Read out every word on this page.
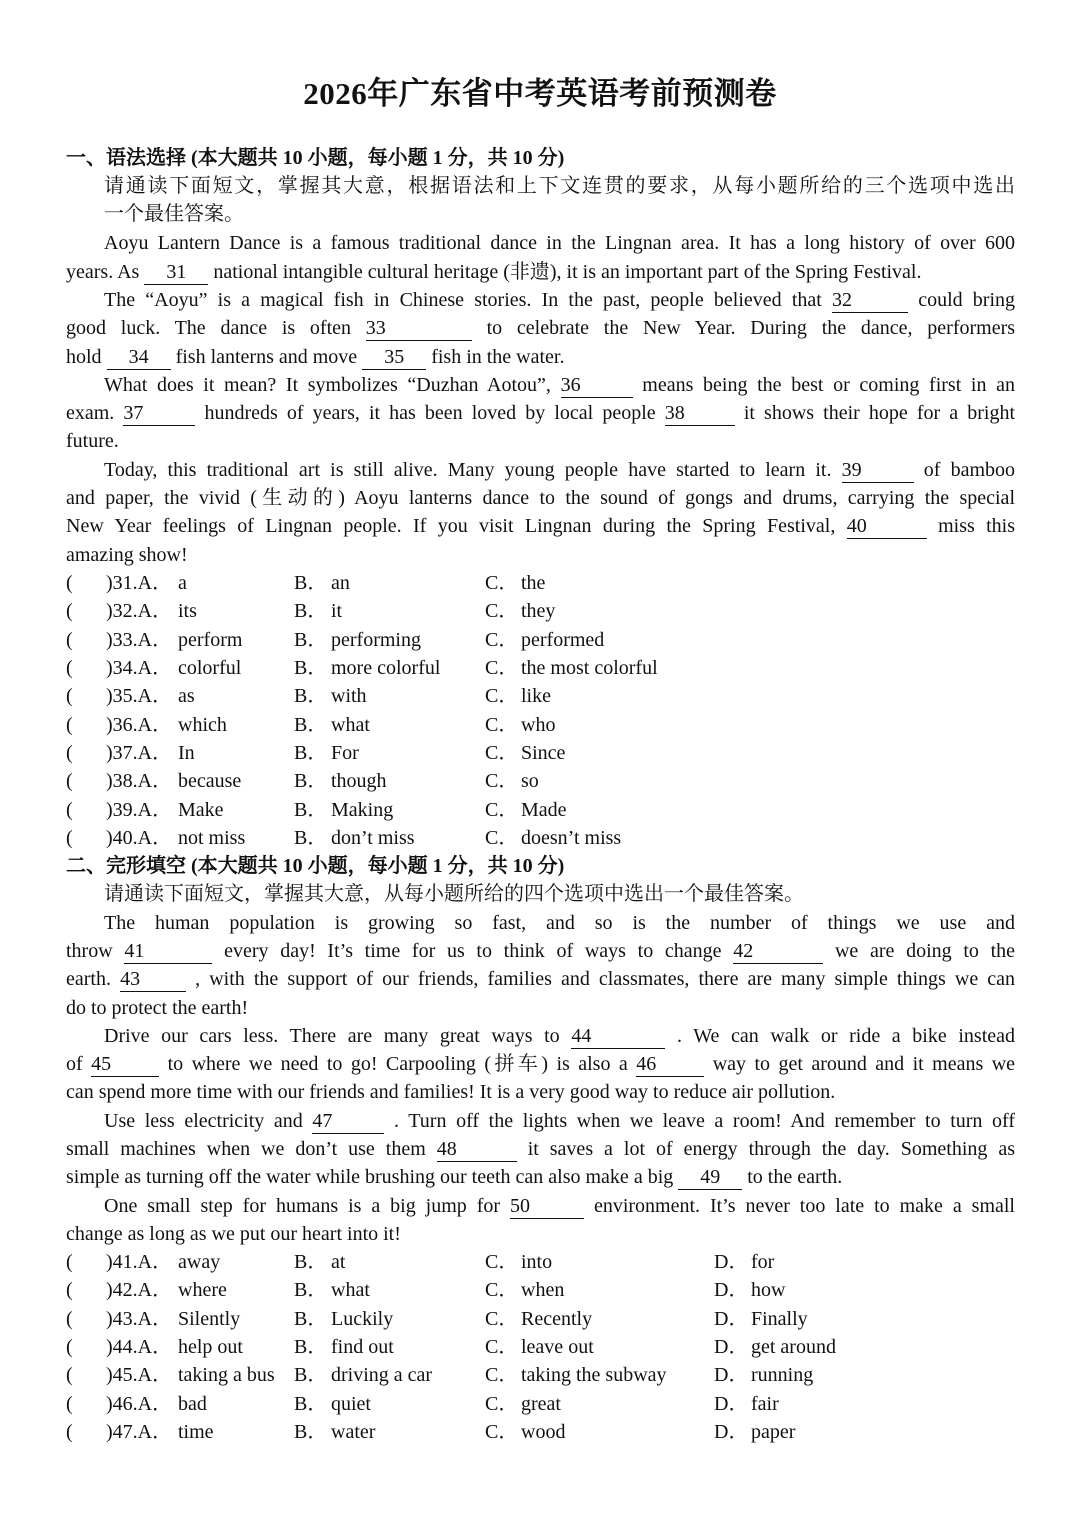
2026年广东省中考英语考前预测卷
一、语法选择 (本大题共 10 小题，每小题 1 分，共 10 分)
请通读下面短文，掌握其大意，根据语法和上下文连贯的要求，从每小题所给的三个选项中选出
一个最佳答案。
Aoyu Lantern Dance is a famous traditional dance in the Lingnan area. It has a long history of over 600
years. As 31 national intangible cultural heritage (非遗), it is an important part of the Spring Festival.
The “Aoyu” is a magical fish in Chinese stories. In the past, people believed that 32	could bring
good luck. The dance is often 33	to celebrate the New Year. During the dance, performers
hold 34 fish lanterns and move 35 fish in the water.
What does it mean? It symbolizes “Duzhan Aotou”, 36	means being the best or coming first in an
exam. 37	hundreds of years, it has been loved by local people 38	it shows their hope for a bright
future.
Today, this traditional art is still alive. Many young people have started to learn it. 39	of bamboo
and paper, the vivid (生动的) Aoyu lanterns dance to the sound of gongs and drums, carrying the special
New Year feelings of Lingnan people. If you visit Lingnan during the Spring Festival, 40	miss this
amazing show!
( )31.A． a	B． an	C． the
( )32.A． its	B． it	C． they
( )33.A． perform	B． performing	C． performed
( )34.A． colorful	B． more colorful C． the most colorful
( )35.A． as	B． with	C． like
( )36.A． which	B． what	C． who
( )37.A． In	B． For	C． Since
( )38.A． because	B． though	C． so
( )39.A． Make	B． Making	C． Made
( )40.A． not miss B． don’t miss	C． doesn’t miss
二、完形填空 (本大题共 10 小题，每小题 1 分，共 10 分)
请通读下面短文，掌握其大意，从每小题所给的四个选项中选出一个最佳答案。
The human population is growing so fast, and so is the number of things we use and
throw 41	every day! It’s time for us to think of ways to change 42	we are doing to the
earth. 43	, with the support of our friends, families and classmates, there are many simple things we can
do to protect the earth!
Drive our cars less. There are many great ways to 44	. We can walk or ride a bike instead
of 45	to where we need to go! Carpooling (拼车) is also a 46	way to get around and it means we
can spend more time with our friends and families! It is a very good way to reduce air pollution.
Use less electricity and 47	. Turn off the lights when we leave a room! And remember to turn off
small machines when we don’t use them 48	it saves a lot of energy through the day. Something as
simple as turning off the water while brushing our teeth can also make a big 49 to the earth.
One small step for humans is a big jump for 50	environment. It’s never too late to make a small
change as long as we put our heart into it!
( )41.A． away	B． at	C． into	D． for
( )42.A． where	B． what	C． when	D． how
( )43.A． Silently	B． Luckily	C． Recently	D． Finally
( )44.A． help out	B． find out	C． leave out	D． get around
( )45.A． taking a bus B． driving a car	C． taking the subway D． running
( )46.A． bad	B． quiet	C． great	D． fair
( )47.A． time	B． water	C． wood	D． paper
